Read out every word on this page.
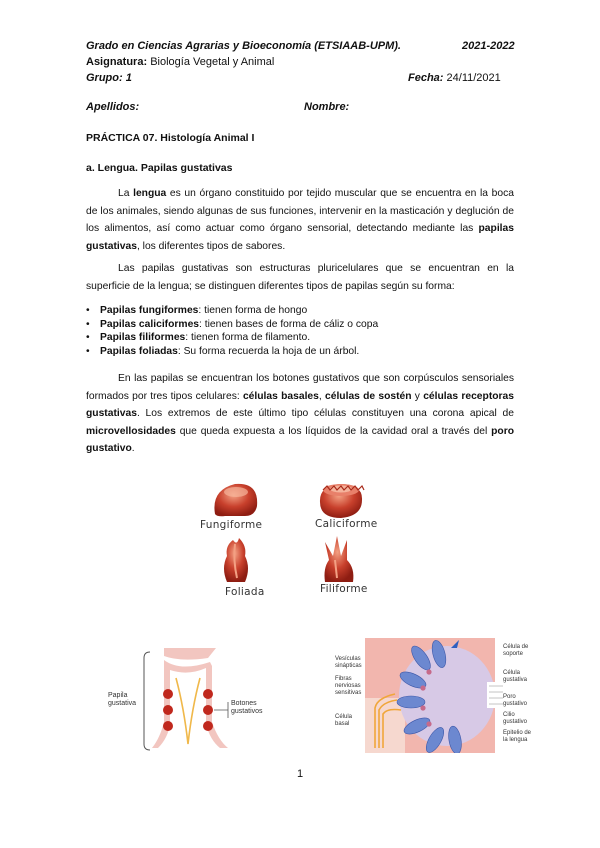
Grado en Ciencias Agrarias y Bioeconomía (ETSIAAB-UPM).	2021-2022
Asignatura: Biología Vegetal y Animal
Grupo: 1	Fecha: 24/11/2021
Apellidos:	Nombre:
PRÁCTICA 07. Histología Animal I
a. Lengua. Papilas gustativas
La lengua es un órgano constituido por tejido muscular que se encuentra en la boca de los animales, siendo algunas de sus funciones, intervenir en la masticación y deglución de los alimentos, así como actuar como órgano sensorial, detectando mediante las papilas gustativas, los diferentes tipos de sabores.
Las papilas gustativas son estructuras pluricelulares que se encuentran en la superficie de la lengua; se distinguen diferentes tipos de papilas según su forma:
• Papilas fungiformes: tienen forma de hongo
• Papilas caliciformes: tienen bases de forma de cáliz o copa
• Papilas filiformes: tienen forma de filamento.
• Papilas foliadas: Su forma recuerda la hoja de un árbol.
En las papilas se encuentran los botones gustativos que son corpúsculos sensoriales formados por tres tipos celulares: células basales, células de sostén y células receptoras gustativas. Los extremos de este último tipo células constituyen una corona apical de microvellosidades que queda expuesta a los líquidos de la cavidad oral a través del poro gustativo.
Fungiforme	Caliciforme
Foliada	Filiforme
Papila gustativa	Botones gustativos
Vesículas sinápticas
Fibras nerviosas sensitivas
Célula basal
Célula de soporte
Célula gustativa
Poro gustativo
Cilio gustativo
Epitelio de la lengua
1
